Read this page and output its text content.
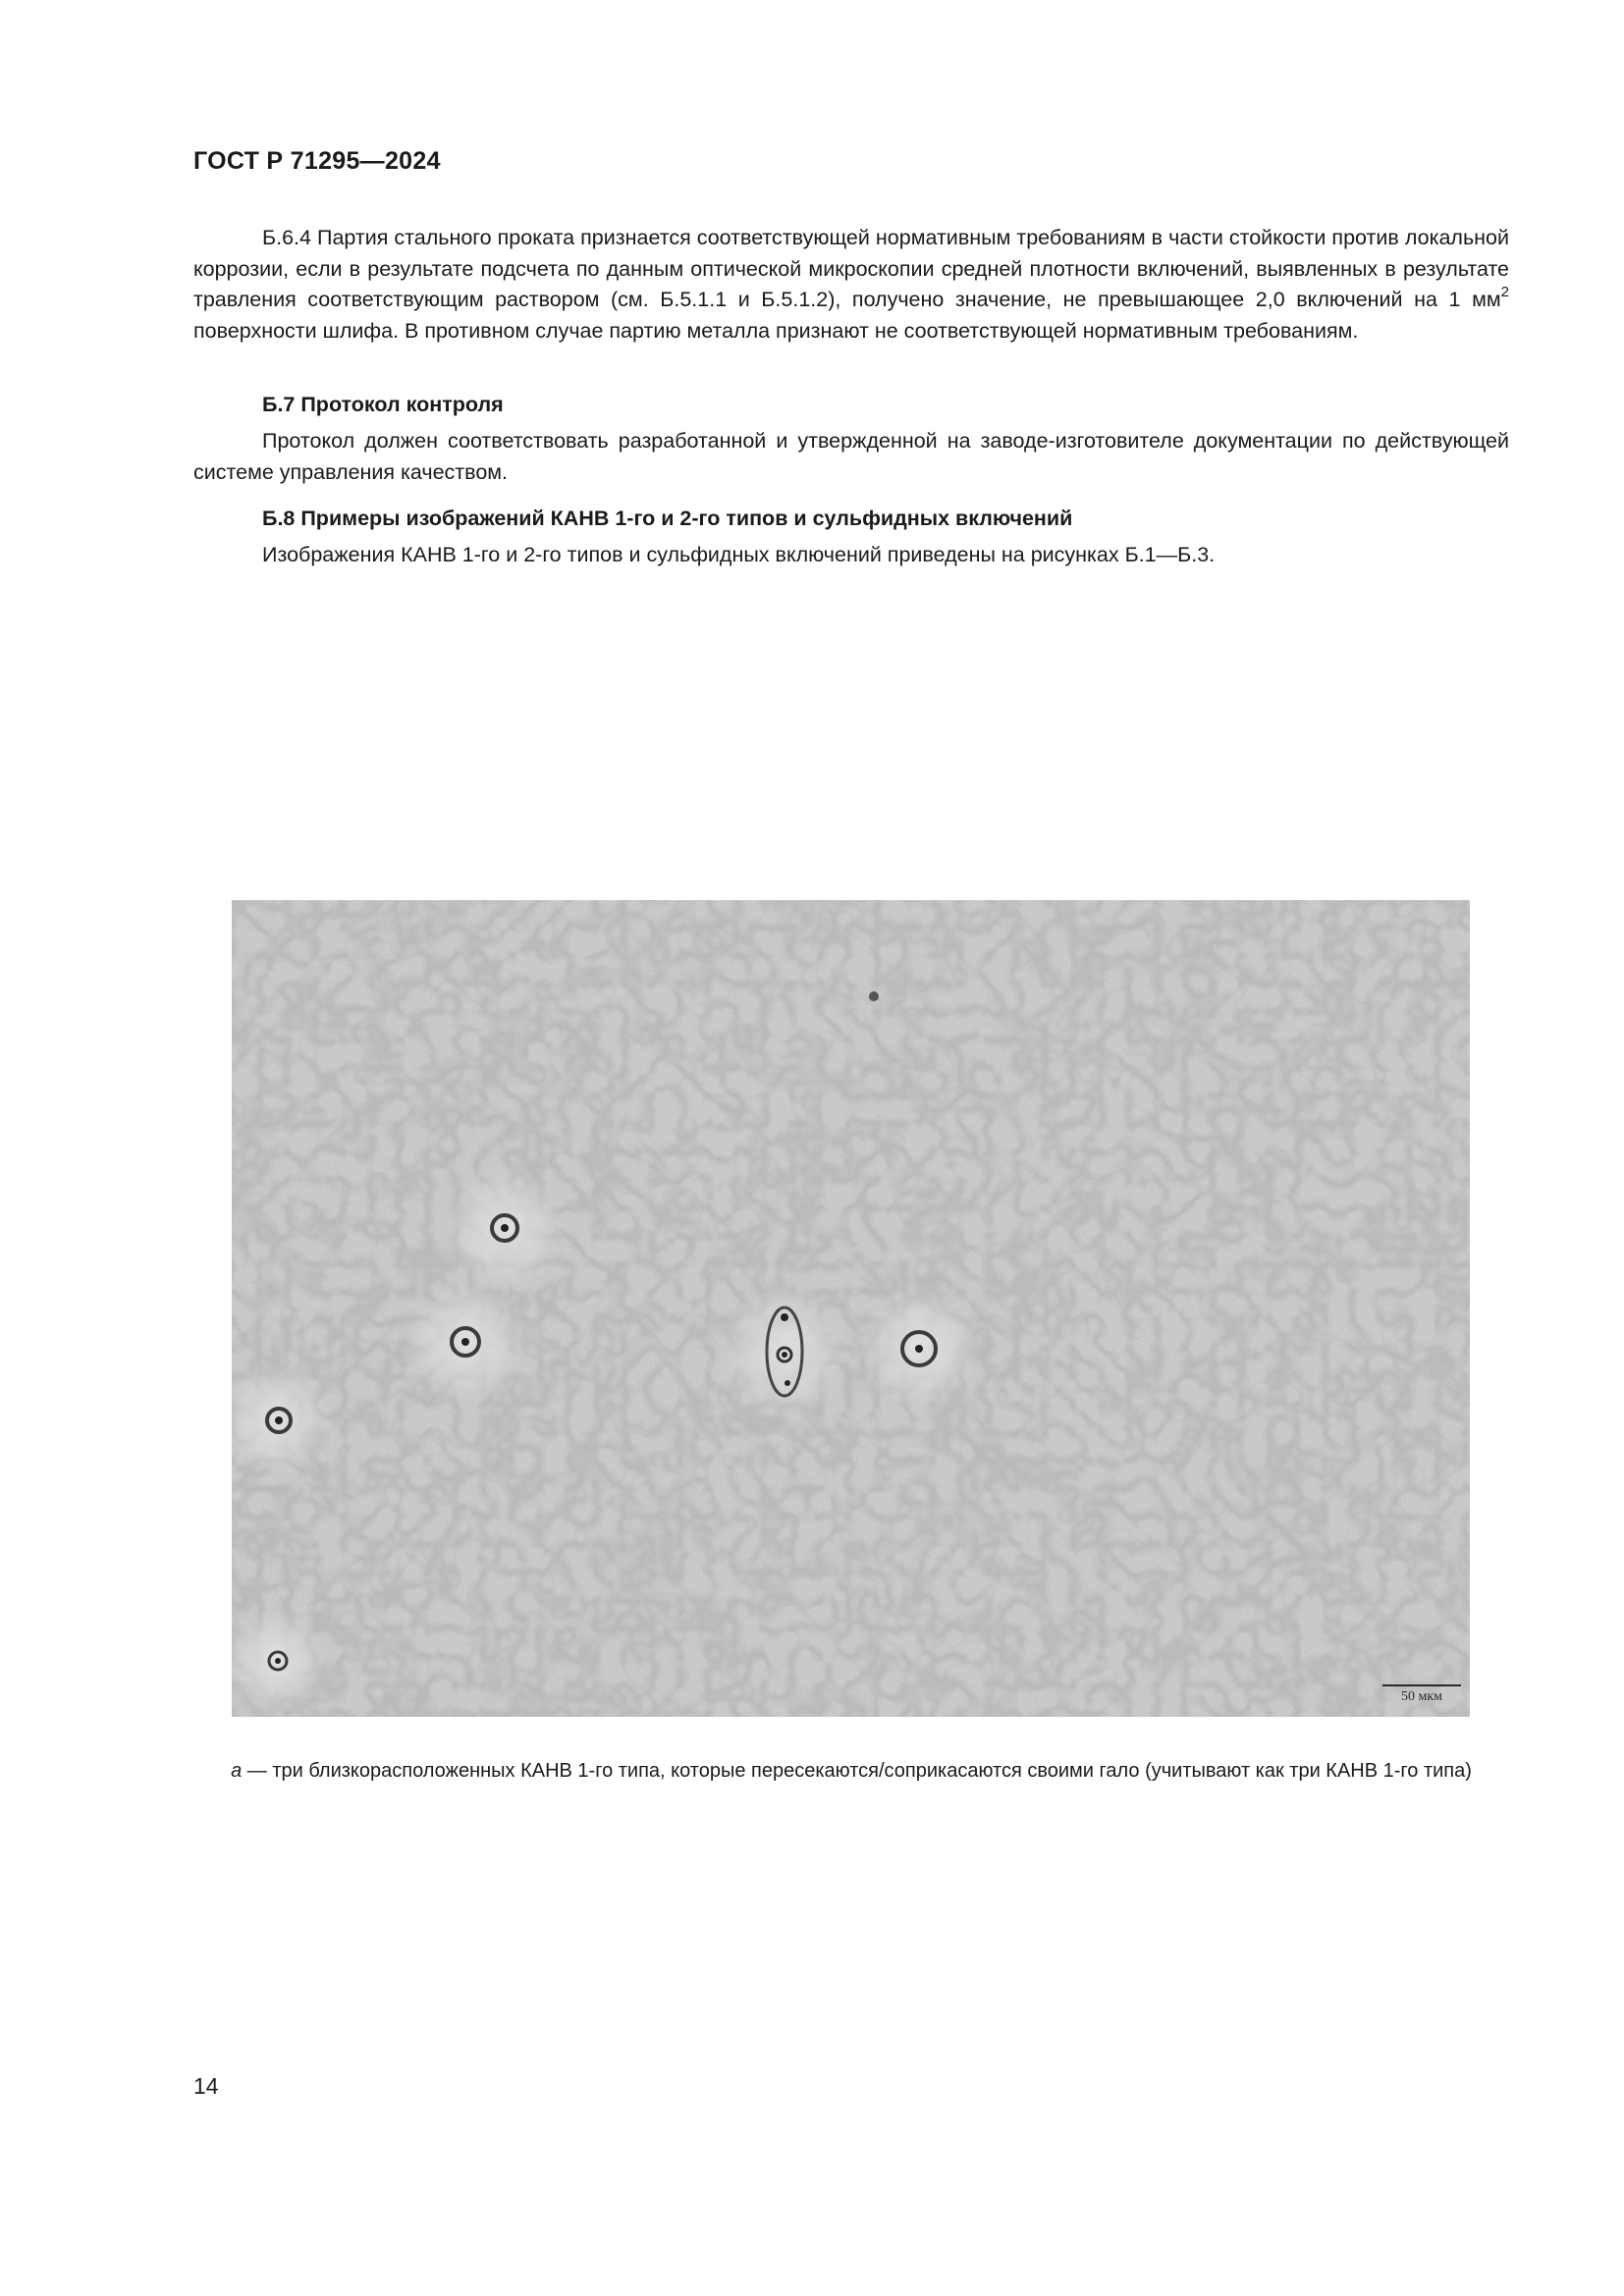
ГОСТ Р 71295—2024
Б.6.4 Партия стального проката признается соответствующей нормативным требованиям в части стойкости против локальной коррозии, если в результате подсчета по данным оптической микроскопии средней плотности включений, выявленных в результате травления соответствующим раствором (см. Б.5.1.1 и Б.5.1.2), получено значение, не превышающее 2,0 включений на 1 $мм^2$ поверхности шлифа. В противном случае партию металла признают не соответствующей нормативным требованиям.
Б.7 Протокол контроля
Протокол должен соответствовать разработанной и утвержденной на заводе-изготовителе документации по действующей системе управления качеством.
Б.8 Примеры изображений КАНВ 1-го и 2-го типов и сульфидных включений
Изображения КАНВ 1-го и 2-го типов и сульфидных включений приведены на рисунках Б.1—Б.3.
50 мкм
а — три близкорасположенных КАНВ 1-го типа, которые пересекаются/соприкасаются своими гало (учитывают как три КАНВ 1-го типа)
14
